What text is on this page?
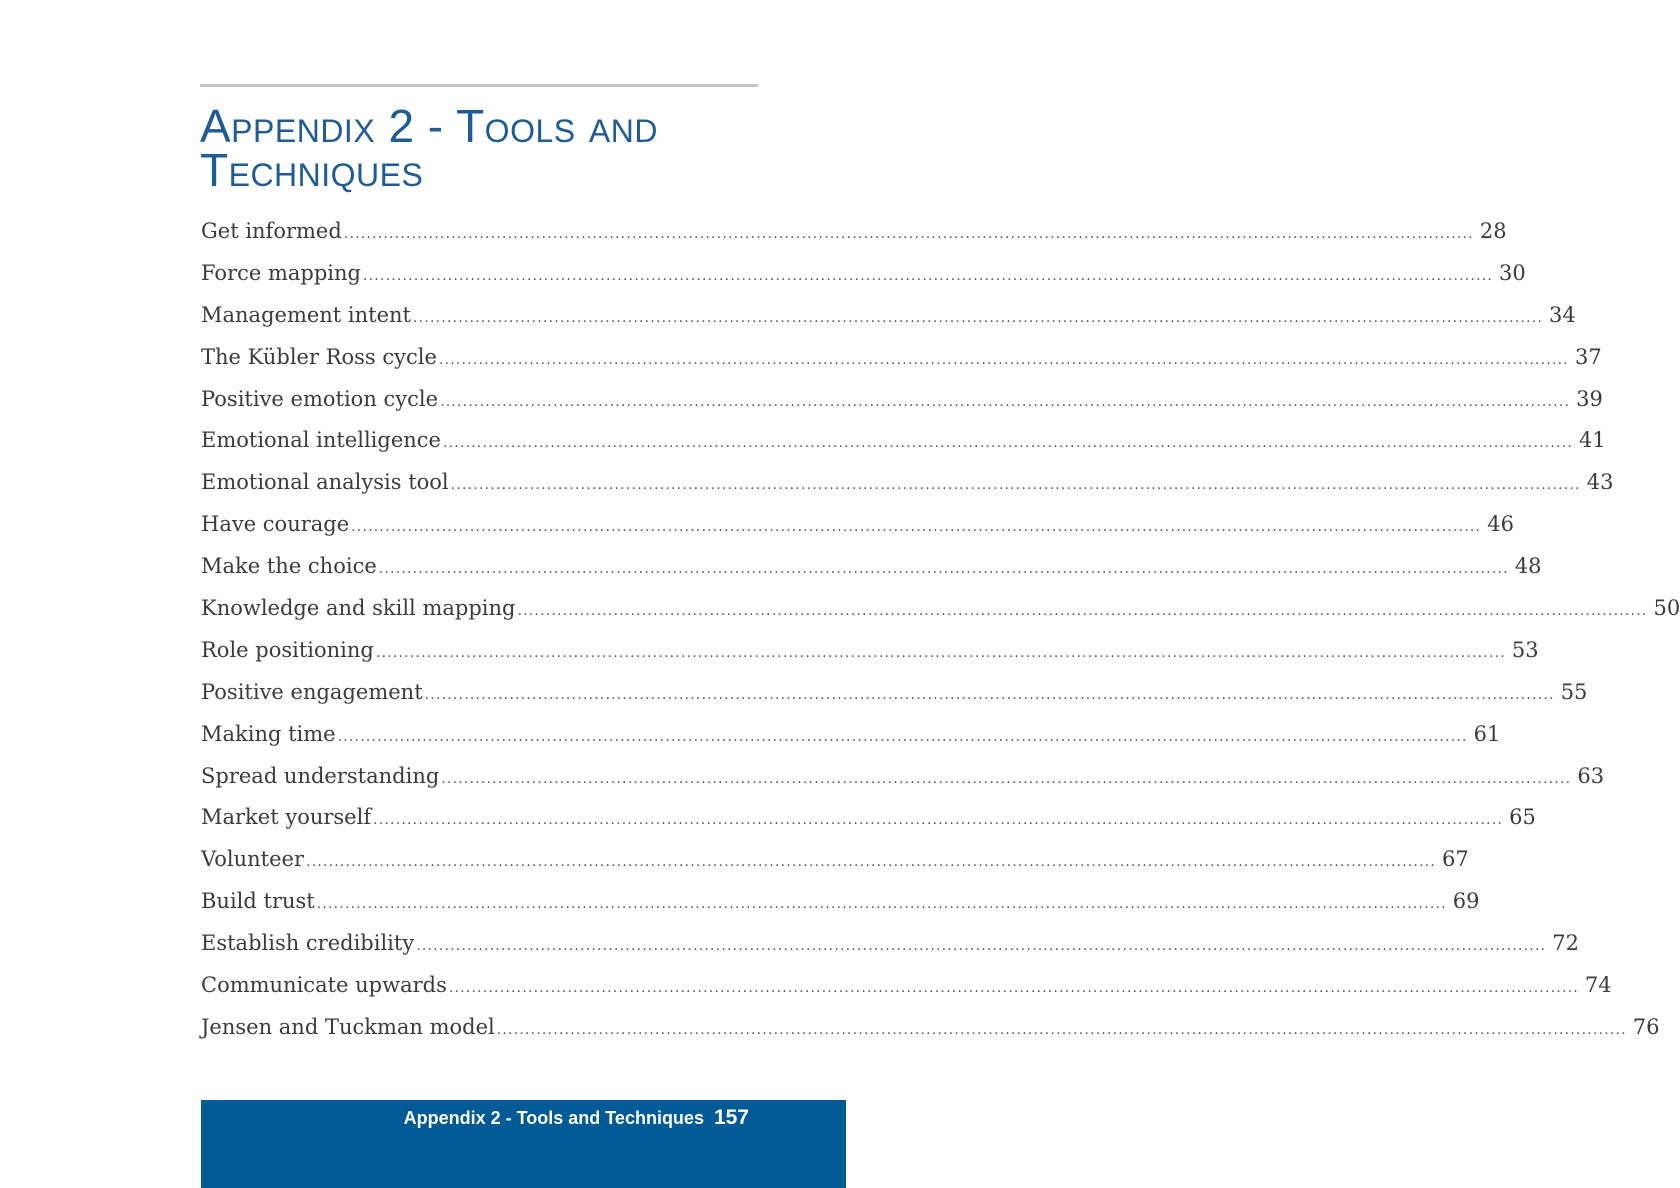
Appendix 2 - Tools and
Techniques
Get informed ........................................................................................................................................................................................................ 28
Force mapping ........................................................................................................................................................................................................ 30
Management intent ........................................................................................................................................................................................................ 34
The Kübler Ross cycle ........................................................................................................................................................................................................ 37
Positive emotion cycle ........................................................................................................................................................................................................ 39
Emotional intelligence ........................................................................................................................................................................................................ 41
Emotional analysis tool ........................................................................................................................................................................................................ 43
Have courage ........................................................................................................................................................................................................ 46
Make the choice ........................................................................................................................................................................................................ 48
Knowledge and skill mapping ........................................................................................................................................................................................................ 50
Role positioning ........................................................................................................................................................................................................ 53
Positive engagement ........................................................................................................................................................................................................ 55
Making time ........................................................................................................................................................................................................ 61
Spread understanding ........................................................................................................................................................................................................ 63
Market yourself ........................................................................................................................................................................................................ 65
Volunteer ........................................................................................................................................................................................................ 67
Build trust ........................................................................................................................................................................................................ 69
Establish credibility ........................................................................................................................................................................................................ 72
Communicate upwards ........................................................................................................................................................................................................ 74
Jensen and Tuckman model ........................................................................................................................................................................................................ 76
Appendix 2 - Tools and Techniques 157
